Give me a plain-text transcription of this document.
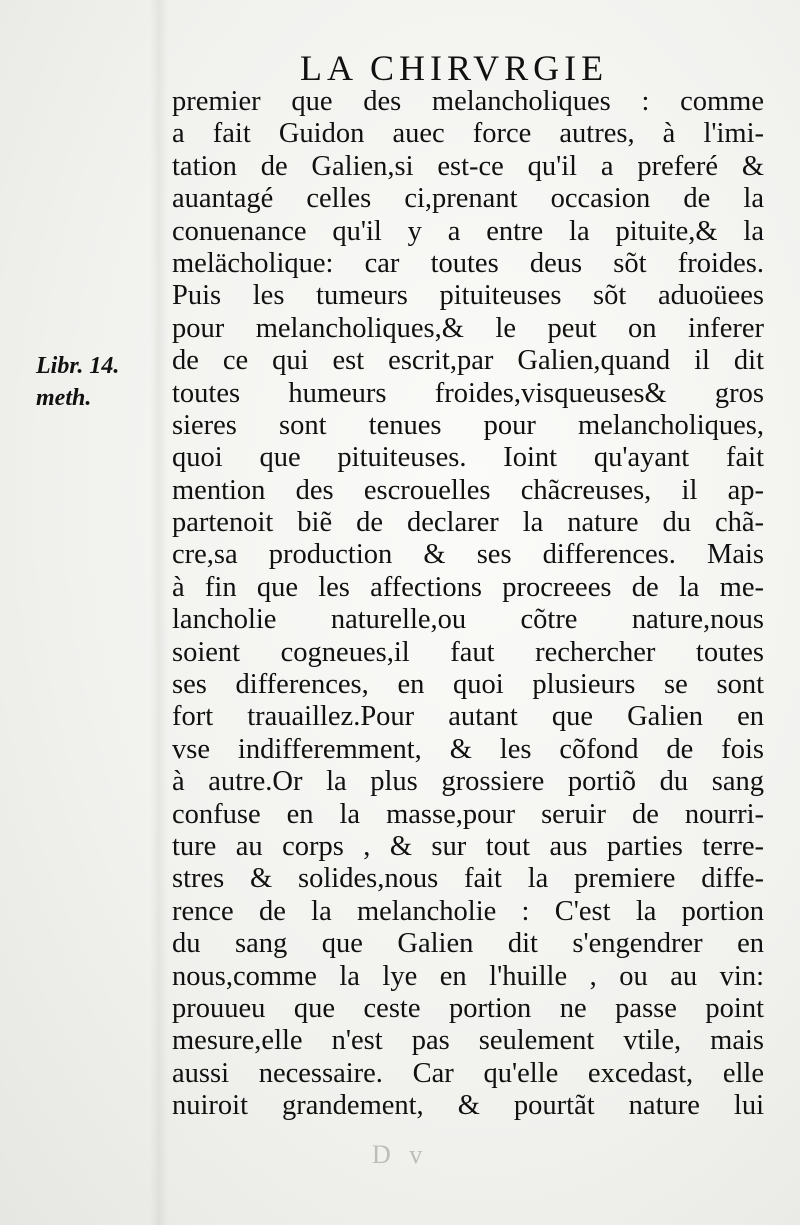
LA CHIRVRGIE
Libr. 14.
meth.
premier que des melancholiques : comme
a fait Guidon auec force autres, à l'imi-
tation de Galien,si est-ce qu'il a preferé &
auantagé celles ci,prenant occasion de la
conuenance qu'il y a entre la pituite,& la
melächolique: car toutes deus sõt froides.
Puis les tumeurs pituiteuses sõt aduoüees
pour melancholiques,& le peut on inferer
de ce qui est escrit,par Galien,quand il dit
toutes humeurs froides,visqueuses& gros
sieres sont tenues pour melancholiques,
quoi que pituiteuses. Ioint qu'ayant fait
mention des escrouelles chãcreuses, il ap-
partenoit biẽ de declarer la nature du chã-
cre,sa production & ses differences. Mais
à fin que les affections procreees de la me-
lancholie naturelle,ou cõtre nature,nous
soient cogneues,il faut rechercher toutes
ses differences, en quoi plusieurs se sont
fort trauaillez.Pour autant que Galien en
vse indifferemment, & les cõfond de fois
à autre.Or la plus grossiere portiõ du sang
confuse en la masse,pour seruir de nourri-
ture au corps , & sur tout aus parties terre-
stres & solides,nous fait la premiere diffe-
rence de la melancholie : C'est la portion
du sang que Galien dit s'engendrer en
nous,comme la lye en l'huille , ou au vin:
prouueu que ceste portion ne passe point
mesure,elle n'est pas seulement vtile, mais
aussi necessaire. Car qu'elle excedast, elle
nuiroit grandement, & pourtãt nature lui
D v
